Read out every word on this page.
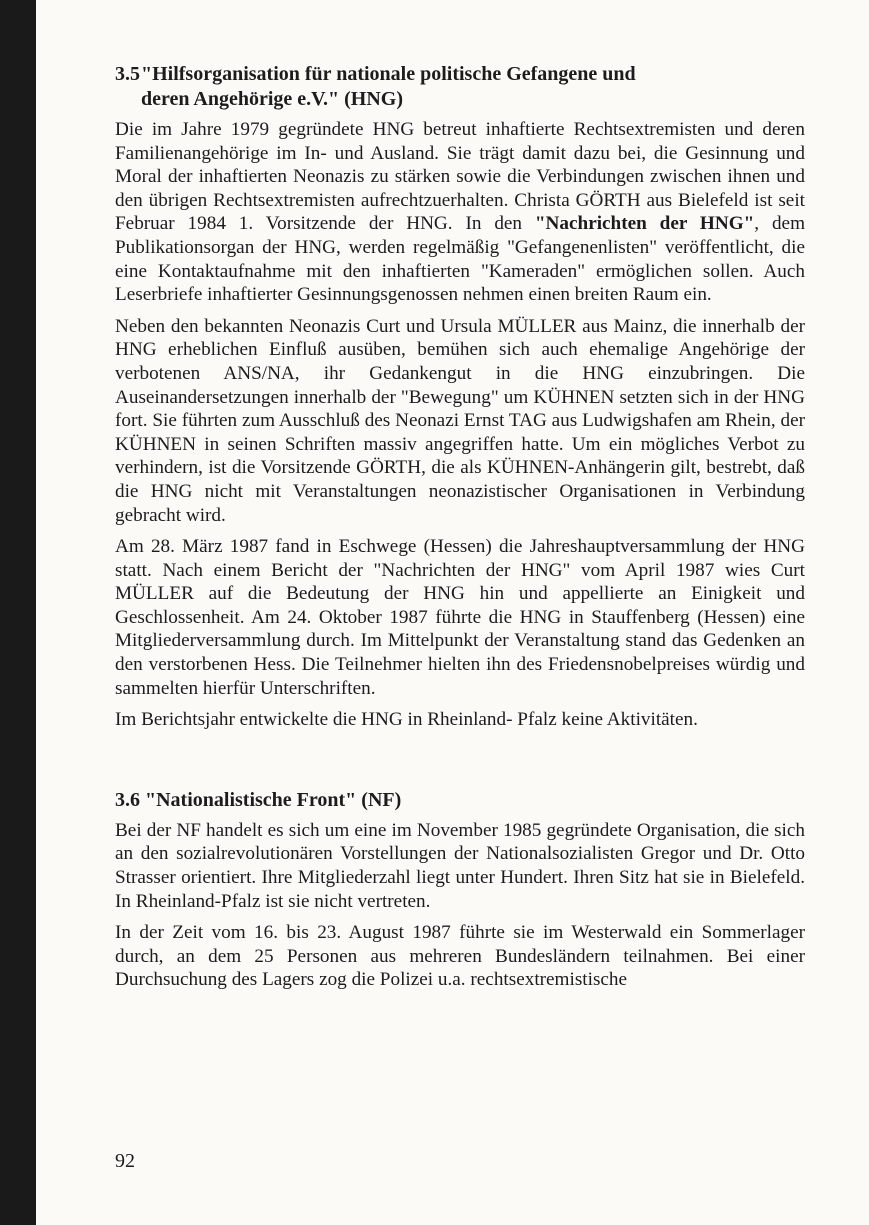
3.5"Hilfsorganisation für nationale politische Gefangene und
deren Angehörige e.V." (HNG)

Die im Jahre 1979 gegründete HNG betreut inhaftierte Rechtsextremisten und deren Familienangehörige im In- und Ausland. Sie trägt damit dazu bei, die Gesinnung und Moral der inhaftierten Neonazis zu stärken sowie die Verbindungen zwischen ihnen und den übrigen Rechtsextremisten aufrechtzuerhalten. Christa GÖRTH aus Bielefeld ist seit Februar 1984 1. Vorsitzende der HNG. In den "Nachrichten der HNG", dem Publikationsorgan der HNG, werden regelmäßig "Gefangenenlisten" veröffentlicht, die eine Kontaktaufnahme mit den inhaftierten "Kameraden" ermöglichen sollen. Auch Leserbriefe inhaftierter Gesinnungsgenossen nehmen einen breiten Raum ein.

Neben den bekannten Neonazis Curt und Ursula MÜLLER aus Mainz, die innerhalb der HNG erheblichen Einfluß ausüben, bemühen sich auch ehemalige Angehörige der verbotenen ANS/NA, ihr Gedankengut in die HNG einzubringen. Die Auseinandersetzungen innerhalb der "Bewegung" um KÜHNEN setzten sich in der HNG fort. Sie führten zum Ausschluß des Neonazi Ernst TAG aus Ludwigshafen am Rhein, der KÜHNEN in seinen Schriften massiv angegriffen hatte. Um ein mögliches Verbot zu verhindern, ist die Vorsitzende GÖRTH, die als KÜHNEN-Anhängerin gilt, bestrebt, daß die HNG nicht mit Veranstaltungen neonazistischer Organisationen in Verbindung gebracht wird.

Am 28. März 1987 fand in Eschwege (Hessen) die Jahreshauptversammlung der HNG statt. Nach einem Bericht der "Nachrichten der HNG" vom April 1987 wies Curt MÜLLER auf die Bedeutung der HNG hin und appellierte an Einigkeit und Geschlossenheit. Am 24. Oktober 1987 führte die HNG in Stauffenberg (Hessen) eine Mitgliederversammlung durch. Im Mittelpunkt der Veranstaltung stand das Gedenken an den verstorbenen Hess. Die Teilnehmer hielten ihn des Friedensnobelpreises würdig und sammelten hierfür Unterschriften.

Im Berichtsjahr entwickelte die HNG in Rheinland- Pfalz keine Aktivitäten.

3.6 "Nationalistische Front" (NF)

Bei der NF handelt es sich um eine im November 1985 gegründete Organisation, die sich an den sozialrevolutionären Vorstellungen der Nationalsozialisten Gregor und Dr. Otto Strasser orientiert. Ihre Mitgliederzahl liegt unter Hundert. Ihren Sitz hat sie in Bielefeld. In Rheinland-Pfalz ist sie nicht vertreten.

In der Zeit vom 16. bis 23. August 1987 führte sie im Westerwald ein Sommerlager durch, an dem 25 Personen aus mehreren Bundesländern teilnahmen. Bei einer Durchsuchung des Lagers zog die Polizei u.a. rechtsextremistische

92
